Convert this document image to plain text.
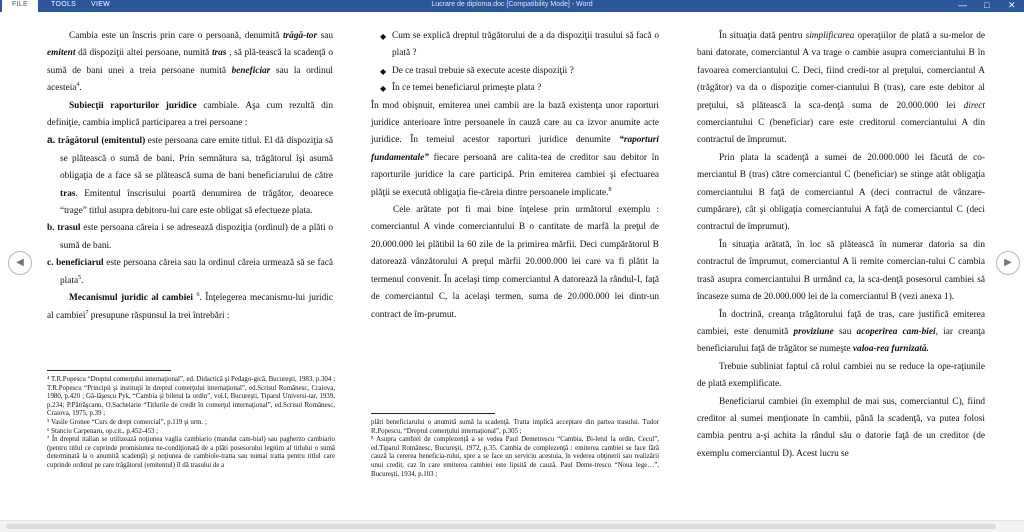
Lucrare de diploma.doc [Compatibility Mode] - Word
FILE	TOOLS VIEW	— □ ✕

Cambia este un înscris prin care o persoană, denumită trăgă-tor sau emitent dă dispoziţii altei persoane, numită tras , să plă-tească la scadenţă o sumă de bani unei a treia persoane numită beneficiar sau la ordinul acesteia$^4$.

Subiecţii raporturilor juridice cambiale. Aşa cum rezultă din definiţie, cambia implică participarea a trei persoane :

a. trăgătorul (emitentul) este persoana care emite titlul. El dă dispoziţia să se plătească o sumă de bani. Prin semnătura sa, trăgătorul îşi asumă obligaţia de a face să se plătească suma de bani beneficiarului de către tras. Emitentul înscrisului poartă denumirea de trăgător, deoarece “trage” titlul asupra debitoru-lui care este obligat să efectueze plata.

b. trasul este persoana căreia i se adresează dispoziţia (ordinul) de a plăti o sumă de bani.

c. beneficiarul este persoana căreia sau la ordinul căreia urmează să se facă plata$^5$.

Mecanismul juridic al cambiei $^6$. Înţelegerea mecanismu-lui juridic al cambiei$^7$ presupune răspunsul la trei întrebări :

⁴ T.R.Popescu “Dreptul comerţului internaţional”, ed. Didactică şi Pedago-gică, Bucureşti, 1983, p.304 ; T.R.Popescu “Principii şi instituţii în dreptul comerţului internaţional”, ed.Scrisul Românesc, Craiova, 1980, p.420 ; Gă-lăşescu Pyk, “Cambia şi biletul la ordin”, vol.I, Bucureşti, Tiparul Universi-tar, 1939, p.234; P.Pătrăşcanu, O.Sachelarie “Titlurile de credit în comerţul internaţional”, ed.Scrisul Românesc, Craiova, 1975, p.39 ;

⁵ Vasile Gronee “Curs de drept comercial”, p.119 şi urm. ;

⁶ Stanciu Carpenaru, op.cit., p.452-453 ;

⁷ În dreptul italian se utilizează noţiunea vaglia cambiario (mandat cam-bial) sau pagherzo cambiario (pentru titlul ce cuprinde promisiunea ne-condiţionată de a plăti posesorului legitim al titlului o sumă determinată la o anumită scadenţă) şi noţiunea de cambiole-tratta sau numai tratta pentru titlul care cuprinde ordinul pe care trăgătorul (emitentul) îl dă trasului de a

◆ Cum se explică dreptul trăgătorului de a da dispoziţii trasului să facă o plată ?

◆ De ce trasul trebuie să execute aceste dispoziţii ?

◆ În ce temei beneficiarul primeşte plata ?

În mod obişnuit, emiterea unei cambii are la bază existenţa unor raporturi juridice anterioare între persoanele în cauză care au ca izvor anumite acte juridice. În temeiul acestor raporturi juridice denumite “raporturi fundamentale” fiecare persoană are calita-tea de creditor sau debitor în raporturile juridice la care participă. Prin emiterea cambiei şi efectuarea plăţii se execută obligaţia fie-căreia dintre persoanele implicate.$^8$

Cele arătate pot fi mai bine înţelese prin următorul exemplu : comerciantul A vinde comerciantului B o cantitate de marfă la preţul de 20.000.000 lei plătibil la 60 zile de la primirea mărfii. Deci cumpărătorul B datorează vânzătorului A preţul mărfii 20.000.000 lei care va fi plătit la termenul convenit. În acelaşi timp comerciantul A datorează la rândul-I, faţă de comerciantul C, la acelaşi termen, suma de 20.000.000 lei dintr-un contract de îm-prumut.

plăti beneficiarului o anumită sumă la scadenţă. Tratta implică acceptare din partea trasului. Tudor R.Popescu, “Dreptul comerţului internaţional”, p.305 ;

⁸ Asupra cambiei de complezenţă a se vedea Paul Demetrescu “Cambia, Bi-letul la ordin, Cecul”, ed.Tiparul Românesc, Bucureşti, 1972, p.35. Cambia de complezenţă : emiterea cambiei se face fără cauză la cererea beneficia-rului, spre a se face un serviciu acestuia, în vederea obţinerii sau realizării unui credit, caz în care emiterea cambiei este lipsită de cauză. Paul Deme-trescu “Noua lege…”, Bucureşti, 1934, p.103 ;

În situaţia dată pentru simplificarea operaţiilor de plată a su-melor de bani datorate, comerciantul A va trage o cambie asupra comerciantului B în favoarea comerciantului C. Deci, fiind credi-tor al preţului, comerciantul A (trăgător) va da o dispoziţie comer-ciantului B (tras), care este debitor al preţului, să plătească la sca-denţă suma de 20.000.000 lei direct comerciantului C (beneficiar) care este creditorul comerciantului A din contractul de împrumut.

Prin plata la scadenţă a sumei de 20.000.000 lei făcută de co-merciantul B (tras) către comerciantul C (beneficiar) se stinge atât obligaţia comerciantului B faţă de comerciantul A (deci contractul de vânzare-cumpărare), cât şi obligaţia comerciantului A faţă de comerciantul C (deci contractul de împrumut).

În situaţia arătată, în loc să plătească în numerar datoria sa din contractul de împrumut, comerciantul A îi remite comercian-tului C cambia trasă asupra comerciantului B urmând ca, la sca-denţă posesorul cambiei să încaseze suma de 20.000.000 lei de la comerciantul B (vezi anexa 1).

În doctrină, creanţa trăgătorului faţă de tras, care justifică emiterea cambiei, este denumită proviziune sau acoperirea cam-biei, iar creanţa beneficiarului faţă de trăgător se numeşte valoa-rea furnizată.

Trebuie subliniat faptul că rolul cambiei nu se reduce la ope-raţiunile de plată exemplificate.

Beneficiarul cambiei (în exemplul de mai sus, comerciantul C), fiind creditor al sumei menţionate în cambii, până la scadenţă, va putea folosi cambia pentru a-şi achita la rândul său o datorie faţă de un creditor (de exemplu comerciantul D). Acest lucru se

◀	▶
